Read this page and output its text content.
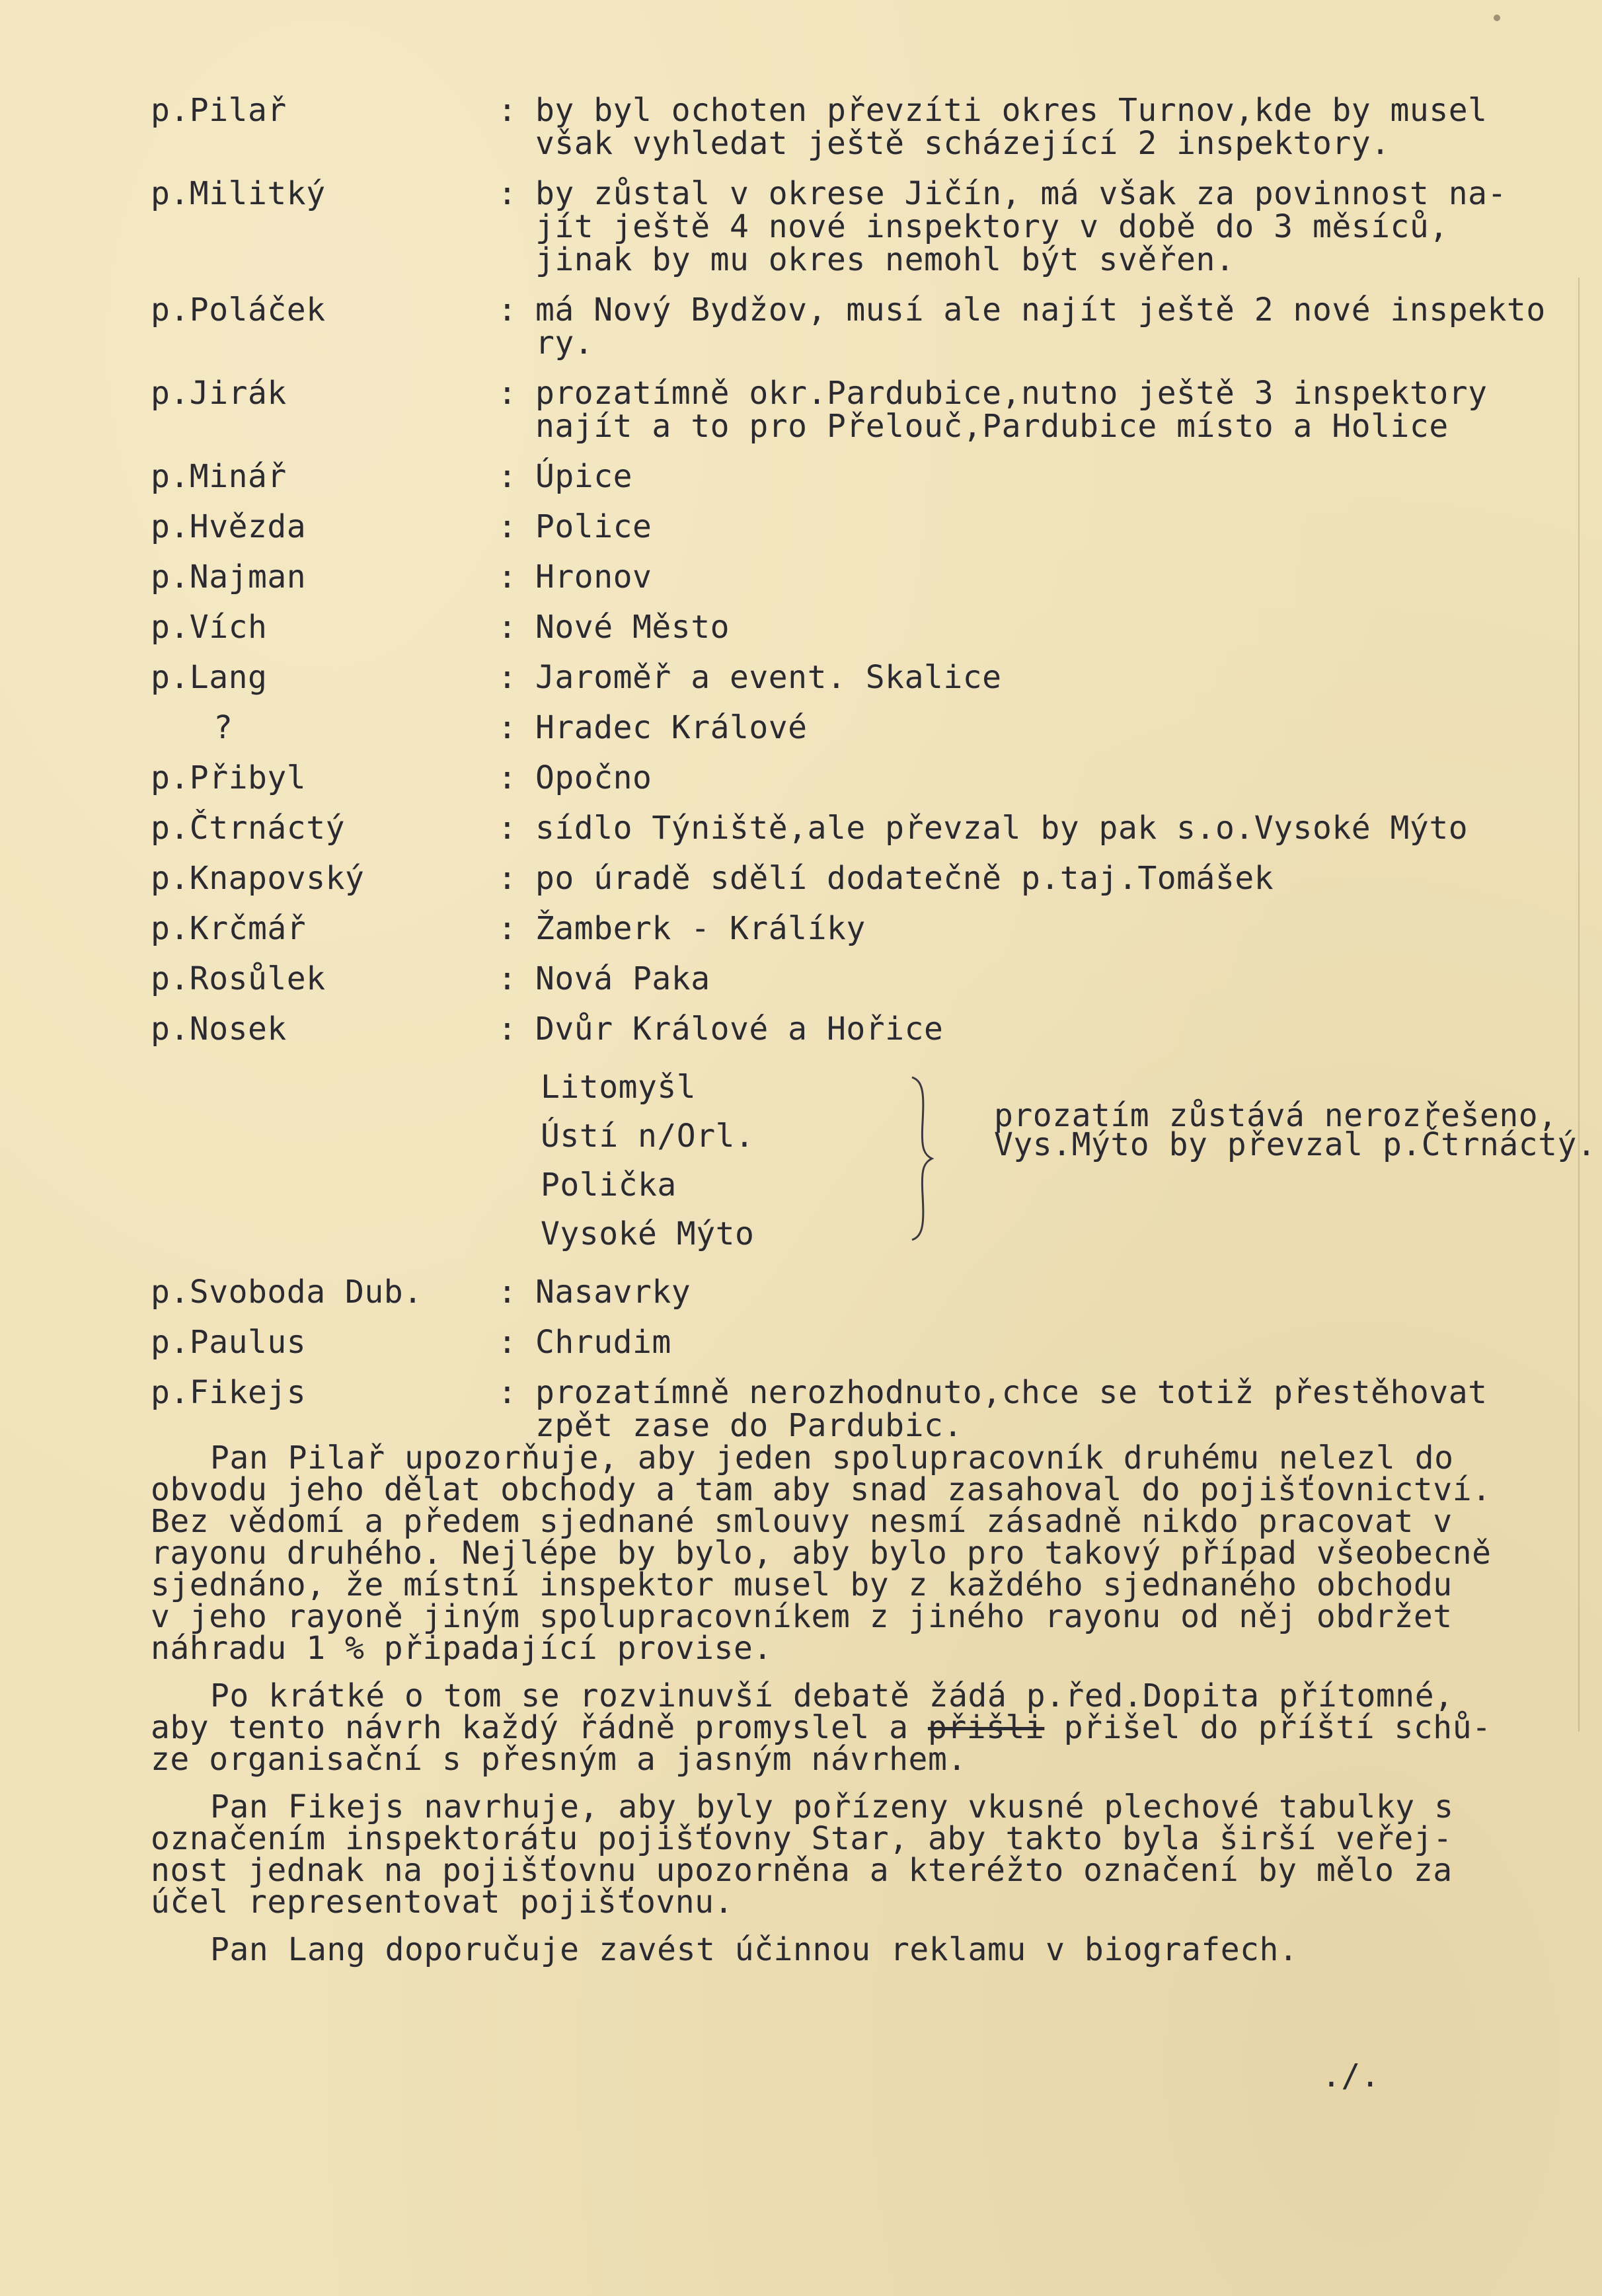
p.Pilař	: by byl ochoten převzíti okres Turnov,kde by musel
však vyhledat ještě scházející 2 inspektory.
p.Militký	: by zůstal v okrese Jičín, má však za povinnost na-
jít ještě 4 nové inspektory v době do 3 měsíců,
jinak by mu okres nemohl být svěřen.
p.Poláček	: má Nový Bydžov, musí ale najít ještě 2 nové inspekto
ry.
p.Jirák	: prozatímně okr.Pardubice,nutno ještě 3 inspektory
najít a to pro Přelouč,Pardubice místo a Holice
p.Minář	: Úpice
p.Hvězda	: Police
p.Najman	: Hronov
p.Vích	: Nové Město
p.Lang	: Jaroměř a event. Skalice
?	: Hradec Králové
p.Přibyl	: Opočno
p.Čtrnáctý	: sídlo Týniště,ale převzal by pak s.o.Vysoké Mýto
p.Knapovský	: po úradě sdělí dodatečně p.taj.Tomášek
p.Krčmář	: Žamberk - Králíky
p.Rosůlek	: Nová Paka
p.Nosek	: Dvůr Králové a Hořice
Litomyšl
Ústí n/Orl.
Polička
Vysoké Mýto
prozatím zůstává nerozřešeno,
Vys.Mýto by převzal p.Čtrnáctý.
p.Svoboda Dub. : Nasavrky
p.Paulus	: Chrudim
p.Fikejs	: prozatímně nerozhodnuto,chce se totiž přestěhovat
zpět zase do Pardubic.
Pan Pilař upozorňuje, aby jeden spolupracovník druhému nelezl do
obvodu jeho dělat obchody a tam aby snad zasahoval do pojišťovnictví.
Bez vědomí a předem sjednané smlouvy nesmí zásadně nikdo pracovat v
rayonu druhého. Nejlépe by bylo, aby bylo pro takový případ všeobecně
sjednáno, že místní inspektor musel by z každého sjednaného obchodu
v jeho rayoně jiným spolupracovníkem z jiného rayonu od něj obdržet
náhradu 1 % připadající provise.
Po krátké o tom se rozvinuvší debatě žádá p.řed.Dopita přítomné,
aby tento návrh každý řádně promyslel a přišli přišel do příští schů-
ze organisační s přesným a jasným návrhem.
Pan Fikejs navrhuje, aby byly pořízeny vkusné plechové tabulky s
označením inspektorátu pojišťovny Star, aby takto byla širší veřej-
nost jednak na pojišťovnu upozorněna a kteréžto označení by mělo za
účel representovat pojišťovnu.
Pan Lang doporučuje zavést účinnou reklamu v biografech.
./.
